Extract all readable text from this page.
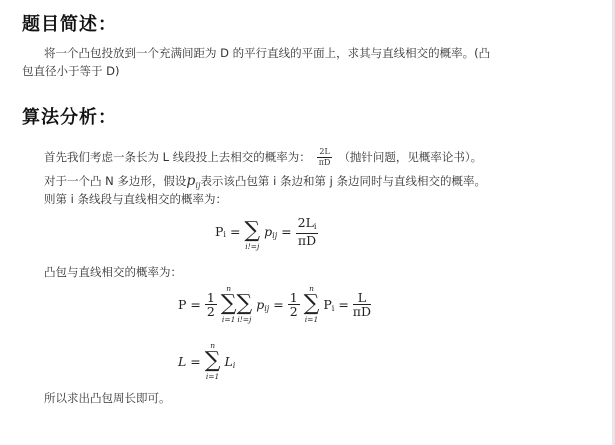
题目简述：
将一个凸包投放到一个充满间距为 D 的平行直线的平面上，求其与直线相交的概率。(凸
包直径小于等于 D)
算法分析：
首先我们考虑一条长为 L 线段投上去相交的概率为： $\frac{2L}{\pi D}$ （抛针问题，见概率论书）。
对于一个凸 N 多边形，假设$p_{ij}$表示该凸包第 i 条边和第 j 条边同时与直线相交的概率。
则第 i 条线段与直线相交的概率为：
$P_i$ = ∑
i!=j
$p_{ij} = \frac{2L_i}{\pi D}$
凸包与直线相交的概率为：
$P = \frac{1}{2}$

n
∑
i=1
∑
i!=j
$p_{ij} = \frac{1}{2}$

n
∑
i=1
$P_i = \frac{L}{\pi D}$
L =
n
∑
i=1
$L_i$
所以求出凸包周长即可。
